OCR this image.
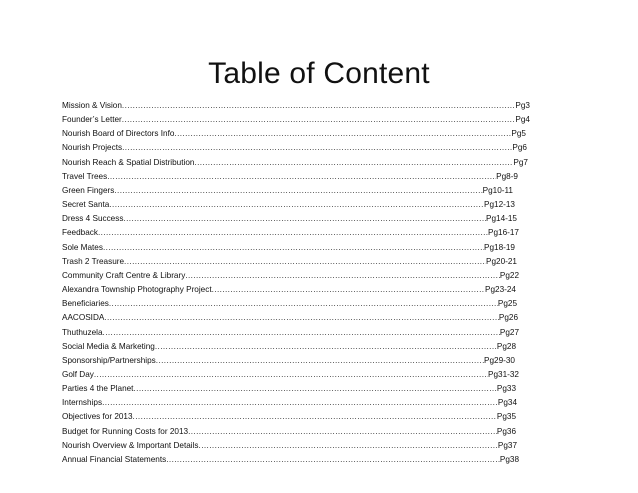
Table of Content
Mission & Vision .....	Pg3
Founder’s Letter .....	Pg4
Nourish Board of Directors Info .....	Pg5
Nourish Projects .....	Pg6
Nourish Reach & Spatial Distribution .....	Pg7
Travel Trees .....	Pg8-9
Green Fingers .....	Pg10-11
Secret Santa .....	Pg12-13
Dress 4 Success .....	Pg14-15
Feedback .....	Pg16-17
Sole Mates .....	Pg18-19
Trash 2 Treasure .....	Pg20-21
Community Craft Centre & Library .....	Pg22
Alexandra Township Photography Project .....	Pg23-24
Beneficiaries .....	Pg25
AACOSIDA .....	Pg26
Thuthuzela .....	Pg27
Social Media & Marketing .....	Pg28
Sponsorship/Partnerships .....	Pg29-30
Golf Day .....	Pg31-32
Parties 4 the Planet .....	Pg33
Internships .....	Pg34
Objectives for 2013 .....	Pg35
Budget for Running Costs for 2013 .....	Pg36
Nourish Overview & Important Details .....	Pg37
Annual Financial Statements .....	Pg38
